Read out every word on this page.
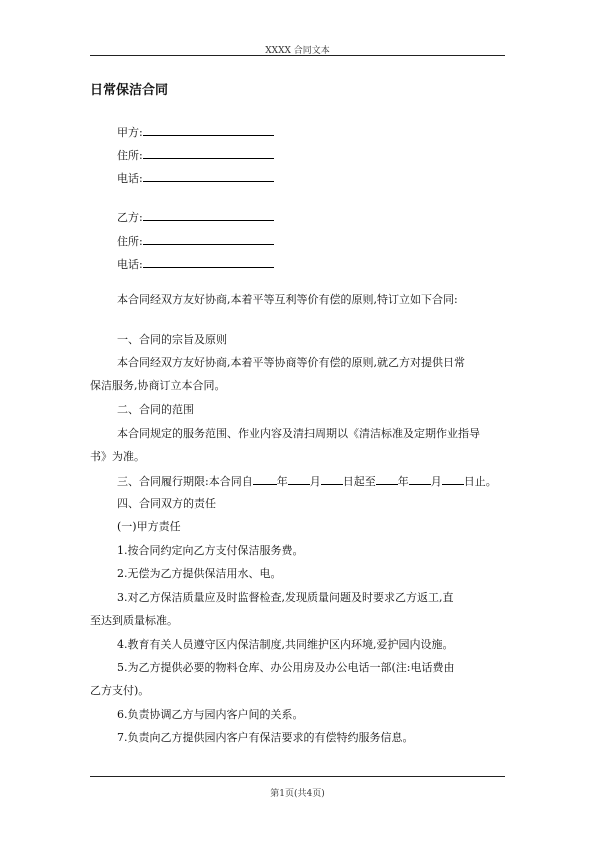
XXXX 合同文本
日常保洁合同
甲方:
住所:
电话:
乙方:
住所:
电话:
本合同经双方友好协商,本着平等互利等价有偿的原则,特订立如下合同:
一、合同的宗旨及原则
本合同经双方友好协商,本着平等协商等价有偿的原则,就乙方对提供日常
保洁服务,协商订立本合同。
二、合同的范围
本合同规定的服务范围、作业内容及清扫周期以《清洁标准及定期作业指导
书》为准。
三、合同履行期限:本合同自 年 月 日起至 年 月 日止。
四、合同双方的责任
(一)甲方责任
1.按合同约定向乙方支付保洁服务费。
2.无偿为乙方提供保洁用水、电。
3.对乙方保洁质量应及时监督检查,发现质量问题及时要求乙方返工,直
至达到质量标准。
4.教育有关人员遵守区内保洁制度,共同维护区内环境,爱护园内设施。
5.为乙方提供必要的物料仓库、办公用房及办公电话一部(注:电话费由
乙方支付)。
6.负责协调乙方与园内客户间的关系。
7.负责向乙方提供园内客户有保洁要求的有偿特约服务信息。
第1页(共4页)
